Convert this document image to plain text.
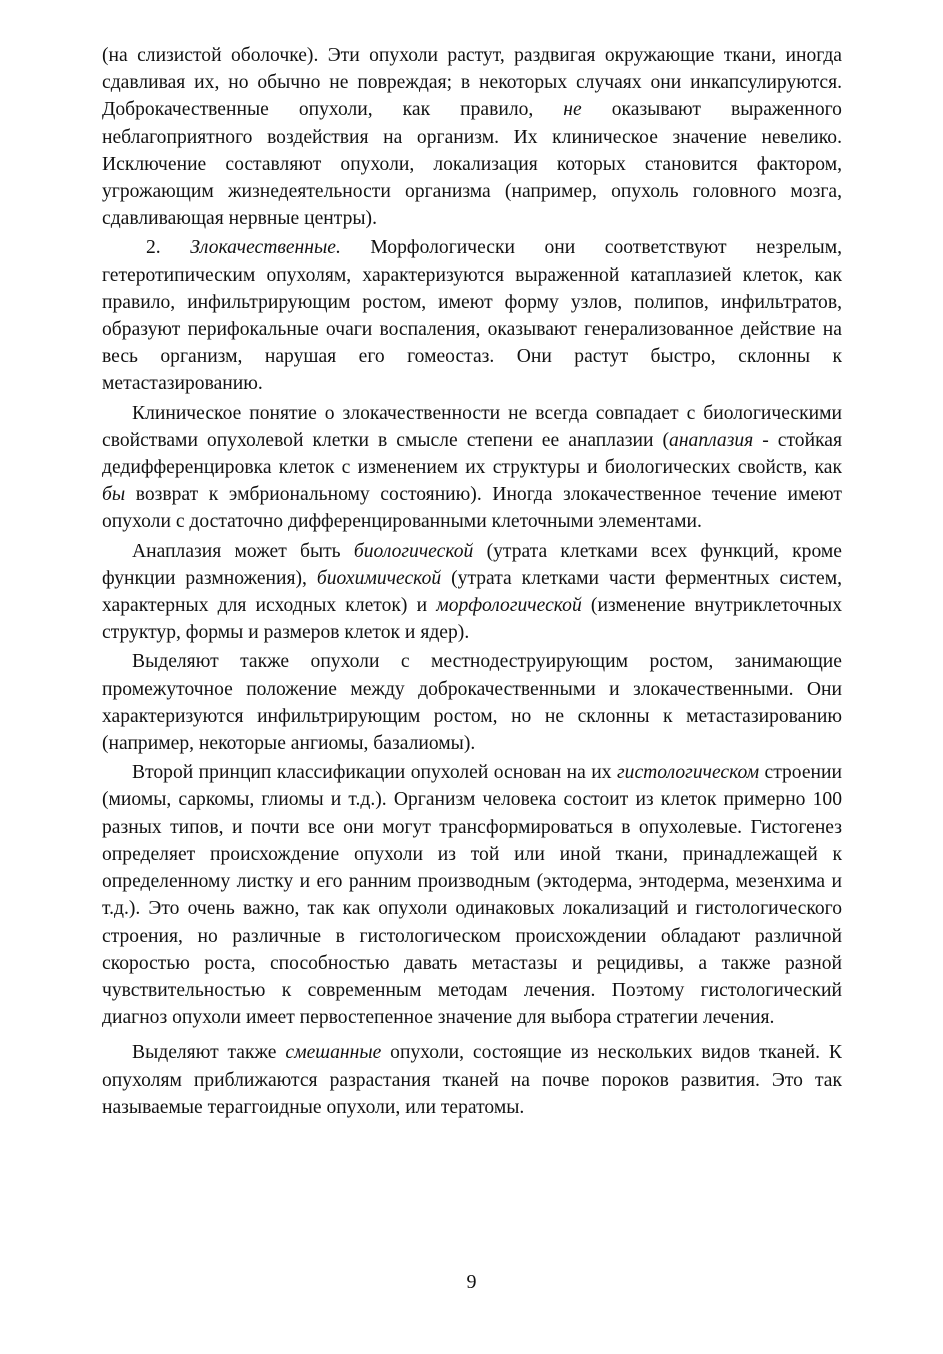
(на слизистой оболочке). Эти опухоли растут, раздвигая окружающие ткани, иногда сдавливая их, но обычно не повреждая; в некоторых случаях они инкапсулируются. Доброкачественные опухоли, как правило, не оказывают выраженного неблагоприятного воздействия на организм. Их клиническое значение невелико. Исключение составляют опухоли, локализация которых становится фактором, угрожающим жизнедеятельности организма (например, опухоль головного мозга, сдавливающая нервные центры).

2. Злокачественные. Морфологически они соответствуют незрелым, гетеротипическим опухолям, характеризуются выраженной катаплазией клеток, как правило, инфильтрирующим ростом, имеют форму узлов, полипов, инфильтратов, образуют перифокальные очаги воспаления, оказывают генерализованное действие на весь организм, нарушая его гомеостаз. Они растут быстро, склонны к метастазированию.

Клиническое понятие о злокачественности не всегда совпадает с биологическими свойствами опухолевой клетки в смысле степени ее анаплазии (анаплазия - стойкая дедифференцировка клеток с изменением их структуры и биологических свойств, как бы возврат к эмбриональному состоянию). Иногда злокачественное течение имеют опухоли с достаточно дифференцированными клеточными элементами.

Анаплазия может быть биологической (утрата клетками всех функций, кроме функции размножения), биохимической (утрата клетками части ферментных систем, характерных для исходных клеток) и морфологической (изменение внутриклеточных структур, формы и размеров клеток и ядер).

Выделяют также опухоли с местнодеструирующим ростом, занимающие промежуточное положение между доброкачественными и злокачественными. Они характеризуются инфильтрирующим ростом, но не склонны к метастазированию (например, некоторые ангиомы, базалиомы).

Второй принцип классификации опухолей основан на их гистологическом строении (миомы, саркомы, глиомы и т.д.). Организм человека состоит из клеток примерно 100 разных типов, и почти все они могут трансформироваться в опухолевые. Гистогенез определяет происхождение опухоли из той или иной ткани, принадлежащей к определенному листку и его ранним производным (эктодерма, энтодерма, мезенхима и т.д.). Это очень важно, так как опухоли одинаковых локализаций и гистологического строения, но различные в гистологическом происхождении обладают различной скоростью роста, способностью давать метастазы и рецидивы, а также разной чувствительностью к современным методам лечения. Поэтому гистологический диагноз опухоли имеет первостепенное значение для выбора стратегии лечения.

Выделяют также смешанные опухоли, состоящие из нескольких видов тканей. К опухолям приближаются разрастания тканей на почве пороков развития. Это так называемые тераггоидные опухоли, или тератомы.

9
